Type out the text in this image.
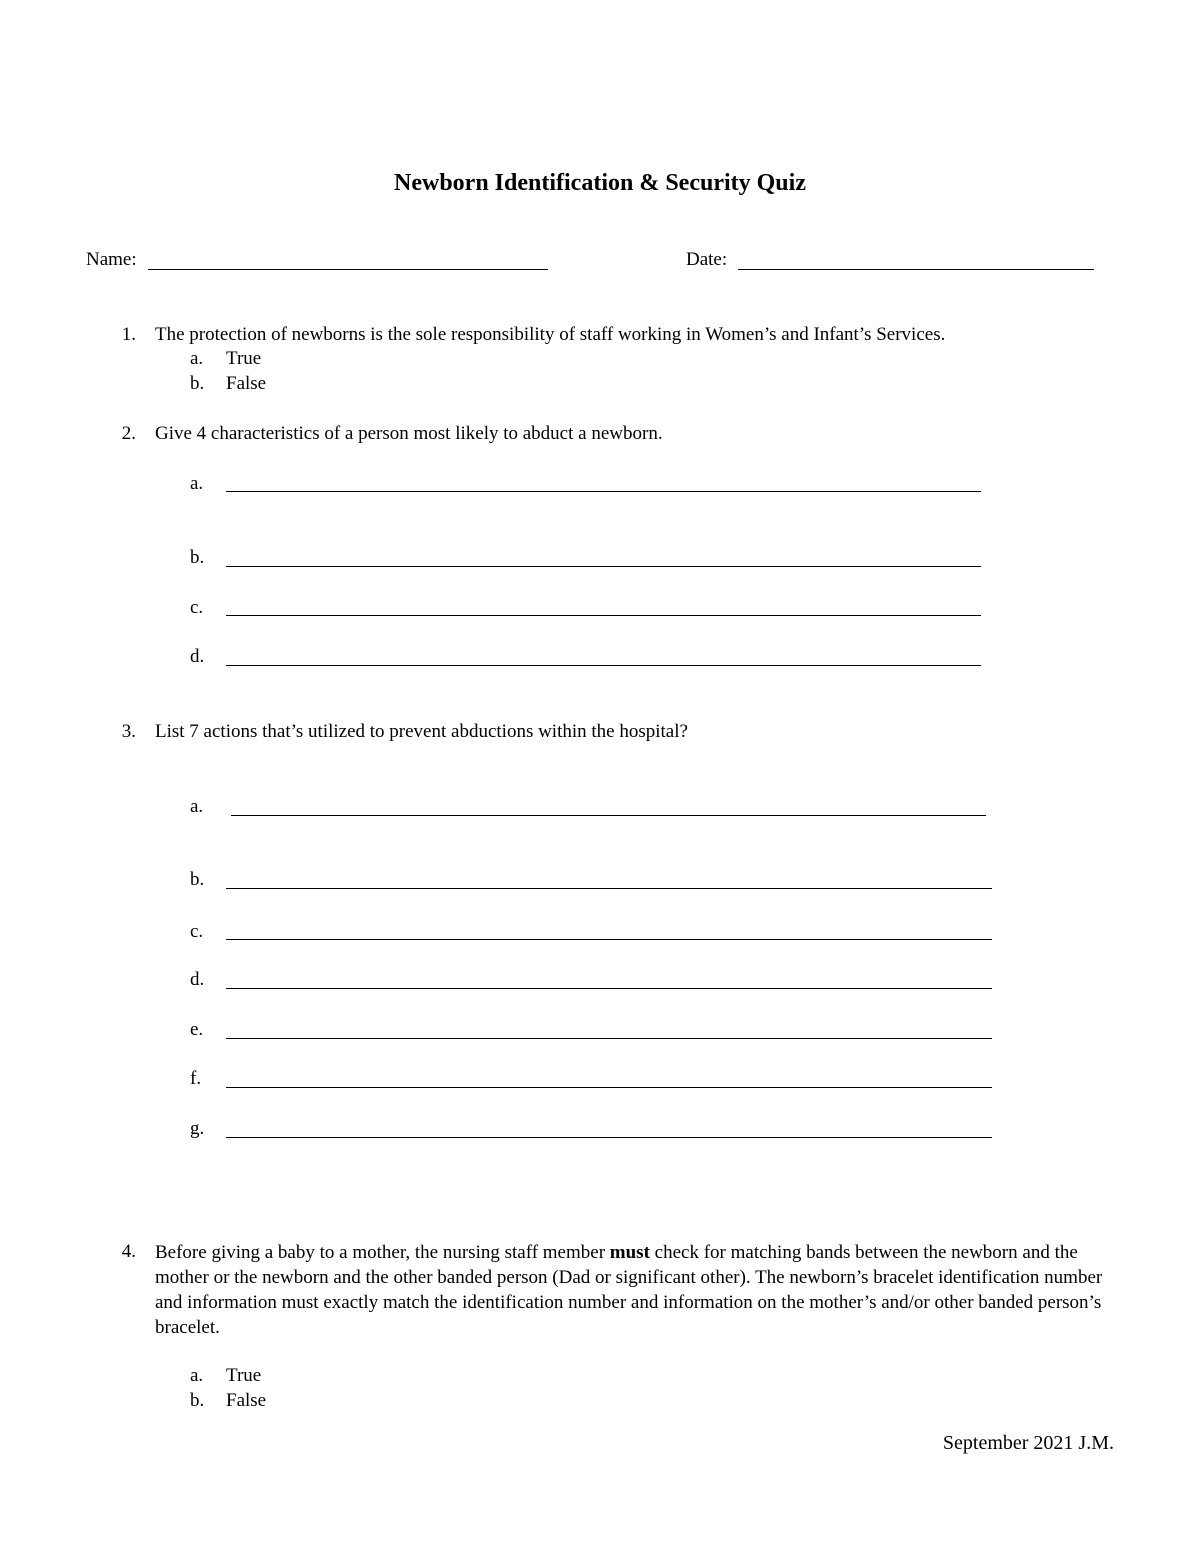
Newborn Identification & Security Quiz
Name:	Date:
1. The protection of newborns is the sole responsibility of staff working in Women’s and Infant’s Services.
a. True
b. False
2. Give 4 characteristics of a person most likely to abduct a newborn.
a.
b.
c.
d.
3. List 7 actions that’s utilized to prevent abductions within the hospital?
a.
b.
c.
d.
e.
f.
g.
4. Before giving a baby to a mother, the nursing staff member must check for matching bands between the newborn and the mother or the newborn and the other banded person (Dad or significant other). The newborn’s bracelet identification number and information must exactly match the identification number and information on the mother’s and/or other banded person’s bracelet.
a. True
b. False
September 2021 J.M.
